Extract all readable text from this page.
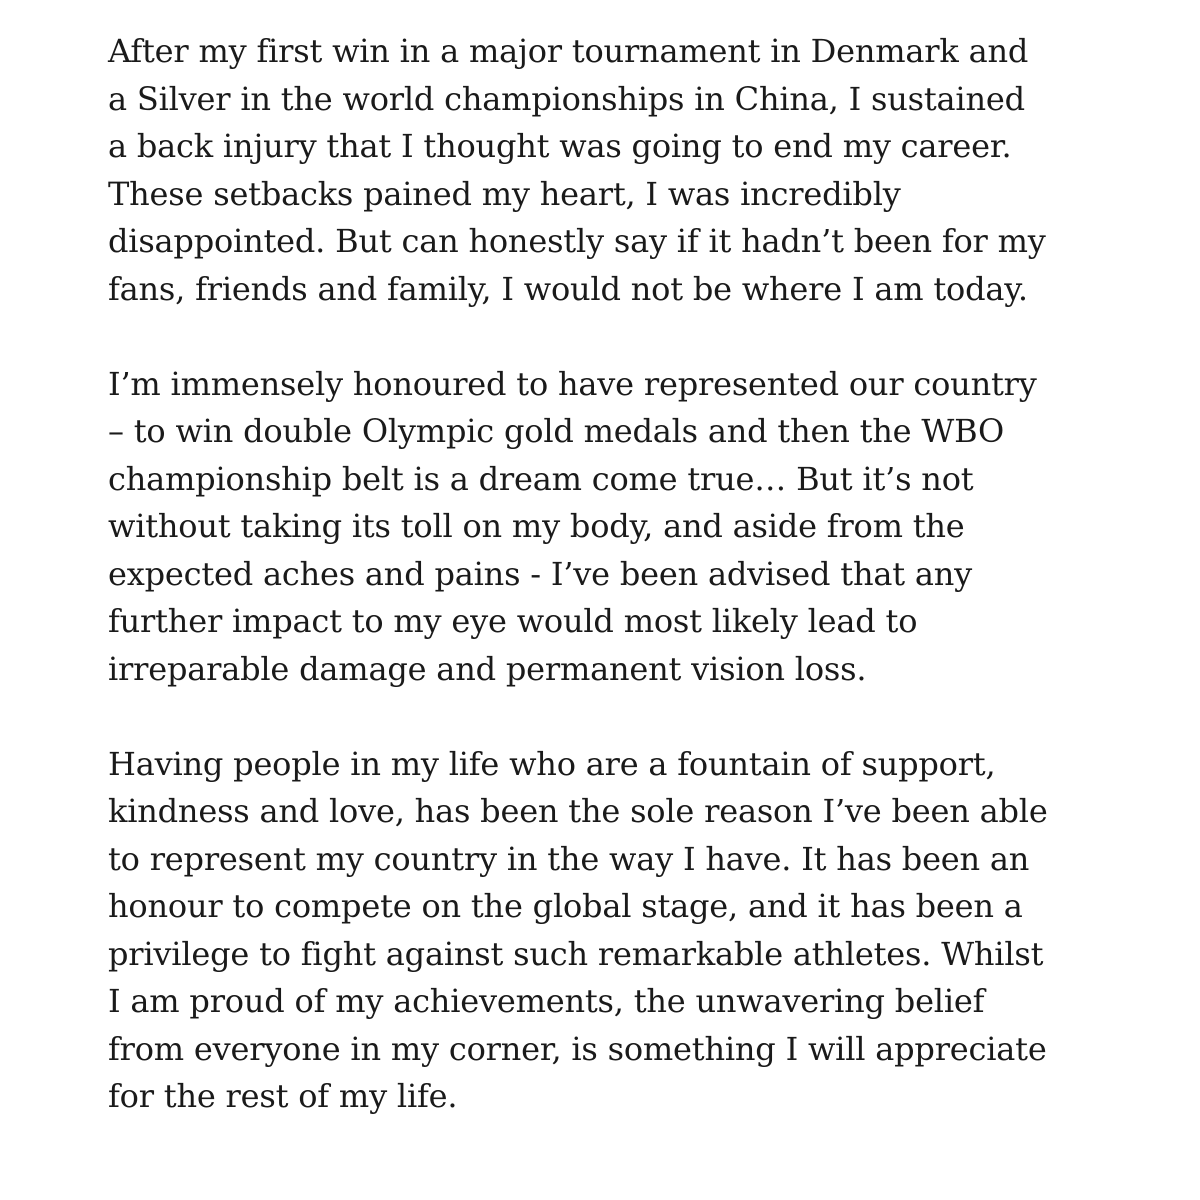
After my first win in a major tournament in Denmark and
a Silver in the world championships in China, I sustained
a back injury that I thought was going to end my career.
These setbacks pained my heart, I was incredibly
disappointed. But can honestly say if it hadn’t been for my
fans, friends and family, I would not be where I am today.

I’m immensely honoured to have represented our country
– to win double Olympic gold medals and then the WBO
championship belt is a dream come true… But it’s not
without taking its toll on my body, and aside from the
expected aches and pains - I’ve been advised that any
further impact to my eye would most likely lead to
irreparable damage and permanent vision loss.

Having people in my life who are a fountain of support,
kindness and love, has been the sole reason I’ve been able
to represent my country in the way I have. It has been an
honour to compete on the global stage, and it has been a
privilege to fight against such remarkable athletes. Whilst
I am proud of my achievements, the unwavering belief
from everyone in my corner, is something I will appreciate
for the rest of my life.
